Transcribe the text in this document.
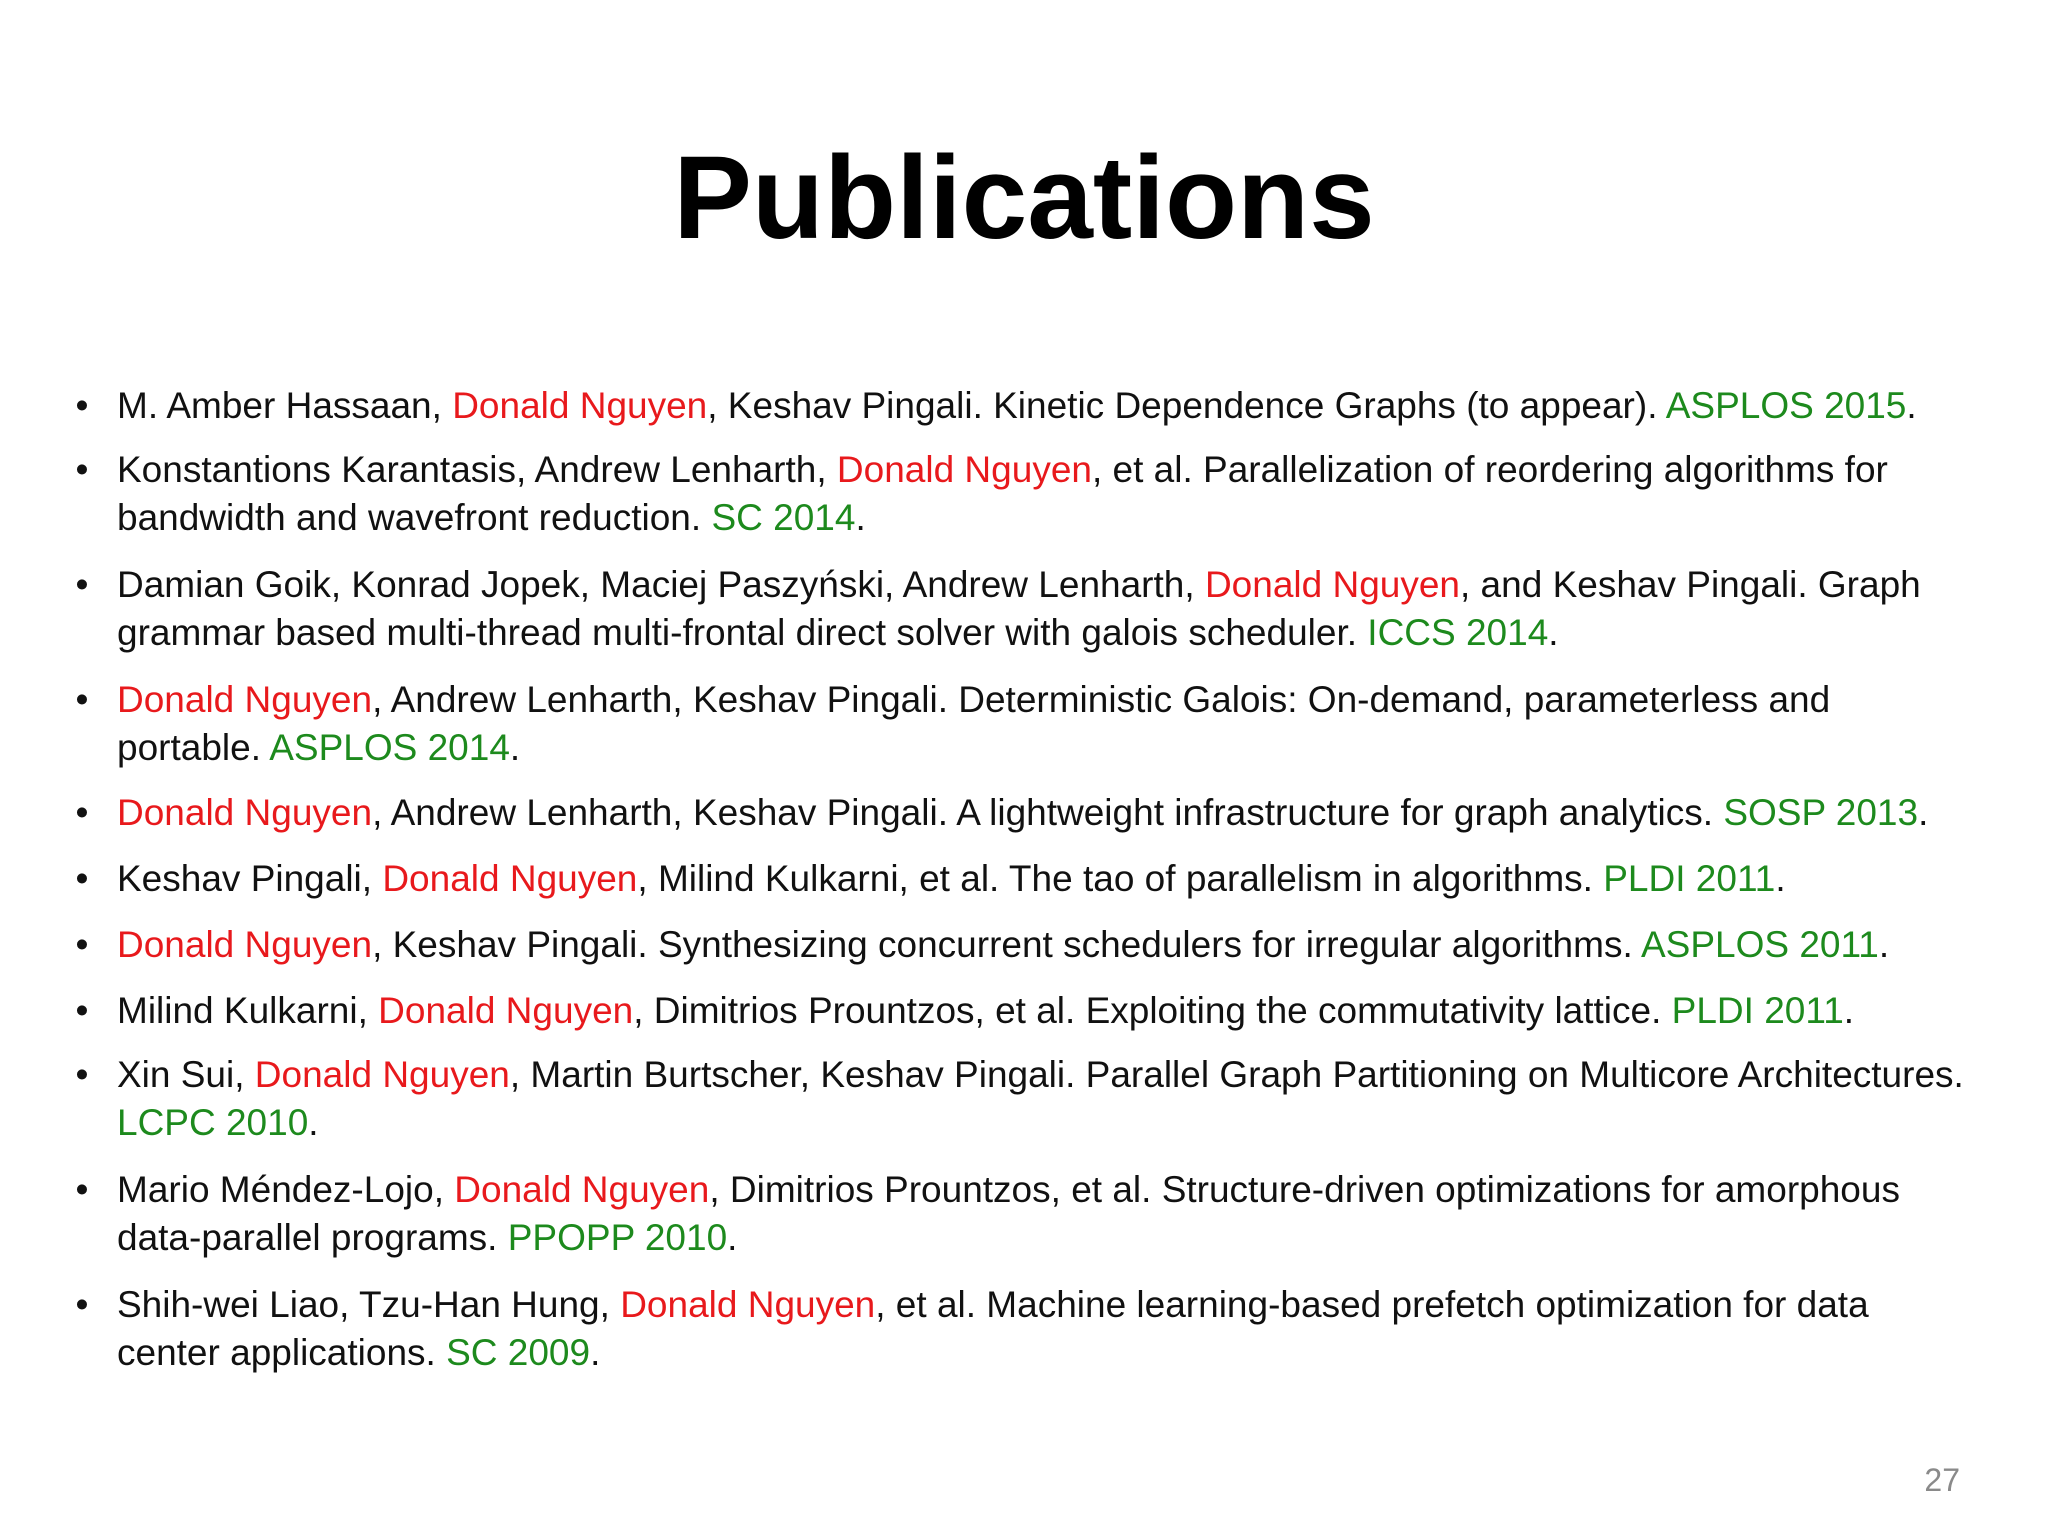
Publications
• M. Amber Hassaan, Donald Nguyen, Keshav Pingali. Kinetic Dependence Graphs (to appear). ASPLOS 2015.
• Konstantions Karantasis, Andrew Lenharth, Donald Nguyen, et al. Parallelization of reordering algorithms for bandwidth and wavefront reduction. SC 2014.
• Damian Goik, Konrad Jopek, Maciej Paszyński, Andrew Lenharth, Donald Nguyen, and Keshav Pingali. Graph grammar based multi-thread multi-frontal direct solver with galois scheduler. ICCS 2014.
• Donald Nguyen, Andrew Lenharth, Keshav Pingali. Deterministic Galois: On-demand, parameterless and portable. ASPLOS 2014.
• Donald Nguyen, Andrew Lenharth, Keshav Pingali. A lightweight infrastructure for graph analytics. SOSP 2013.
• Keshav Pingali, Donald Nguyen, Milind Kulkarni, et al. The tao of parallelism in algorithms. PLDI 2011.
• Donald Nguyen, Keshav Pingali. Synthesizing concurrent schedulers for irregular algorithms. ASPLOS 2011.
• Milind Kulkarni, Donald Nguyen, Dimitrios Prountzos, et al. Exploiting the commutativity lattice. PLDI 2011.
• Xin Sui, Donald Nguyen, Martin Burtscher, Keshav Pingali. Parallel Graph Partitioning on Multicore Architectures. LCPC 2010.
• Mario Méndez-Lojo, Donald Nguyen, Dimitrios Prountzos, et al. Structure-driven optimizations for amorphous data-parallel programs. PPOPP 2010.
• Shih-wei Liao, Tzu-Han Hung, Donald Nguyen, et al. Machine learning-based prefetch optimization for data center applications. SC 2009.
27
